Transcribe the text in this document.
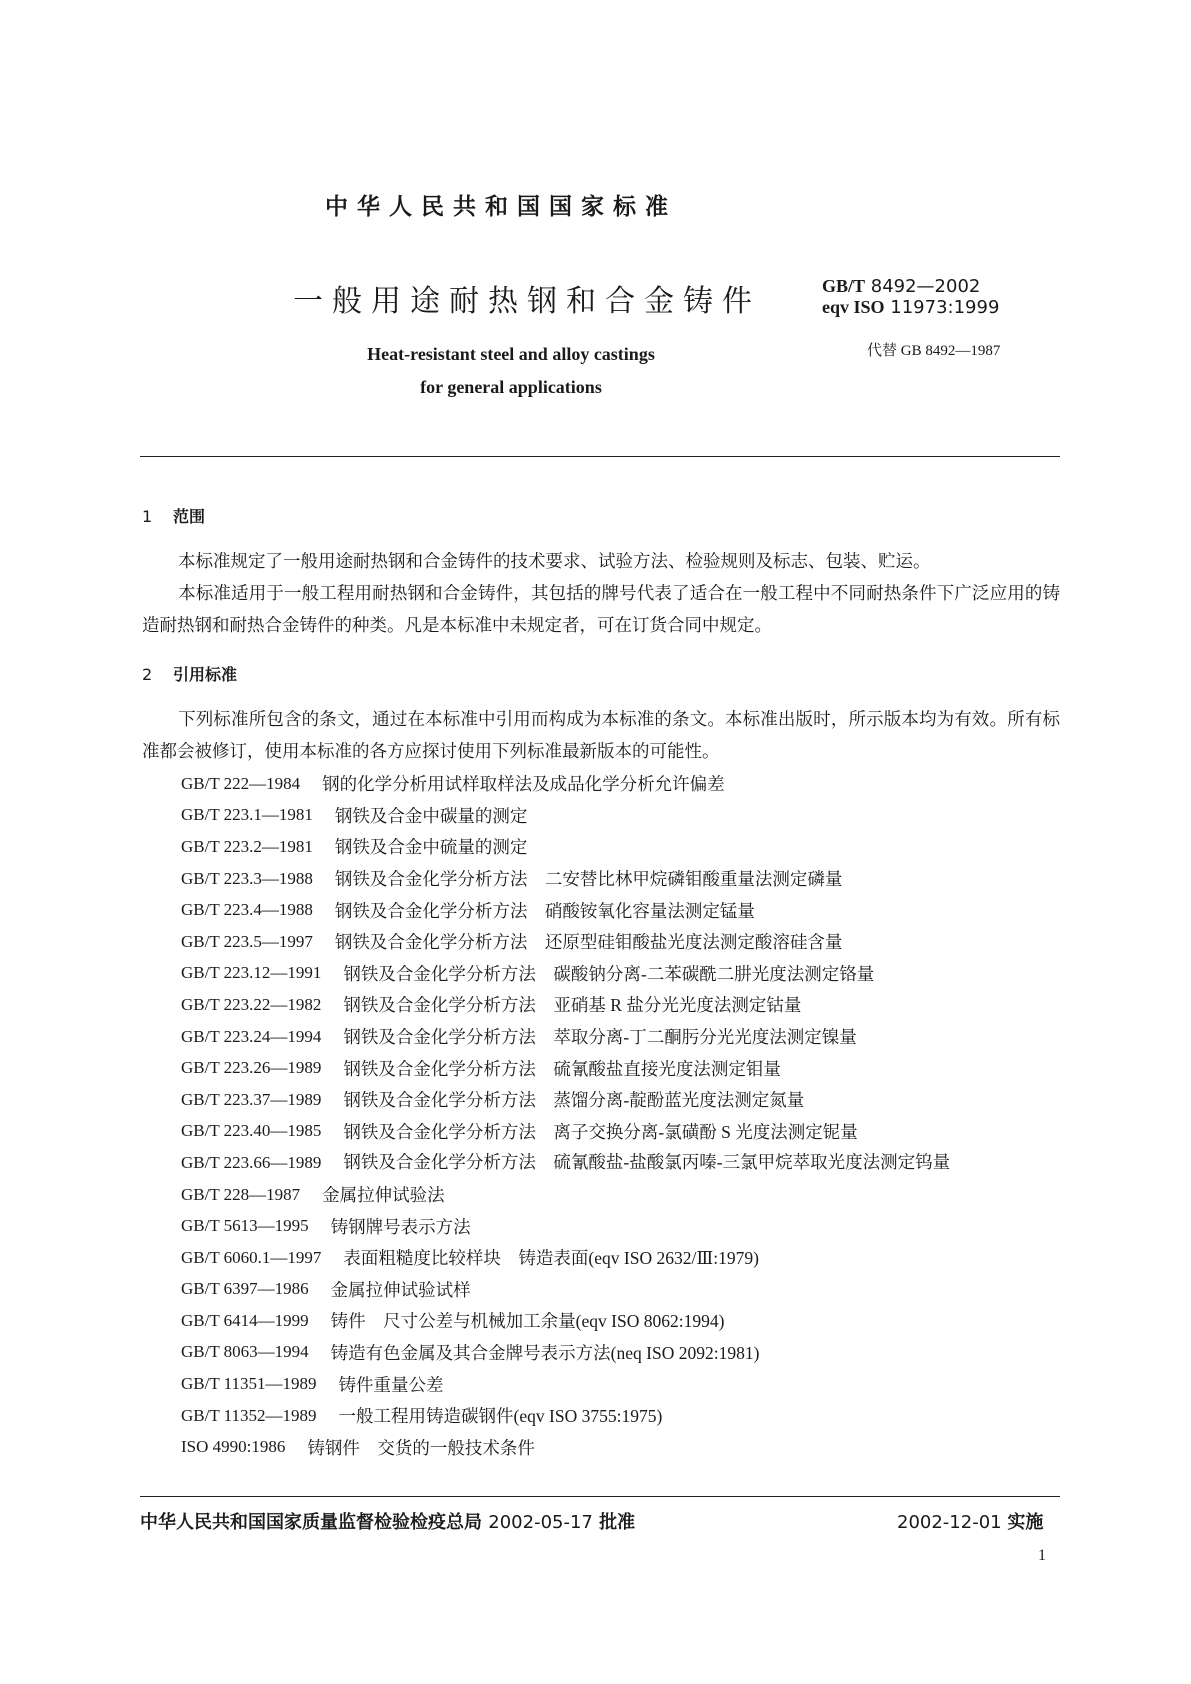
中华人民共和国国家标准
一般用途耐热钢和合金铸件
Heat-resistant steel and alloy castings
for general applications
GB/T 8492—2002
eqv ISO 11973:1999
代替 GB 8492—1987
1 范围
本标准规定了一般用途耐热钢和合金铸件的技术要求、试验方法、检验规则及标志、包装、贮运。
本标准适用于一般工程用耐热钢和合金铸件，其包括的牌号代表了适合在一般工程中不同耐热条件下广泛应用的铸造耐热钢和耐热合金铸件的种类。凡是本标准中未规定者，可在订货合同中规定。
2 引用标准
下列标准所包含的条文，通过在本标准中引用而构成为本标准的条文。本标准出版时，所示版本均为有效。所有标准都会被修订，使用本标准的各方应探讨使用下列标准最新版本的可能性。
GB/T 222—1984	钢的化学分析用试样取样法及成品化学分析允许偏差
GB/T 223.1—1981	钢铁及合金中碳量的测定
GB/T 223.2—1981	钢铁及合金中硫量的测定
GB/T 223.3—1988	钢铁及合金化学分析方法　二安替比林甲烷磷钼酸重量法测定磷量
GB/T 223.4—1988	钢铁及合金化学分析方法　硝酸铵氧化容量法测定锰量
GB/T 223.5—1997	钢铁及合金化学分析方法　还原型硅钼酸盐光度法测定酸溶硅含量
GB/T 223.12—1991	钢铁及合金化学分析方法　碳酸钠分离-二苯碳酰二肼光度法测定铬量
GB/T 223.22—1982	钢铁及合金化学分析方法　亚硝基 R 盐分光光度法测定钴量
GB/T 223.24—1994	钢铁及合金化学分析方法　萃取分离-丁二酮肟分光光度法测定镍量
GB/T 223.26—1989	钢铁及合金化学分析方法　硫氰酸盐直接光度法测定钼量
GB/T 223.37—1989	钢铁及合金化学分析方法　蒸馏分离-靛酚蓝光度法测定氮量
GB/T 223.40—1985	钢铁及合金化学分析方法　离子交换分离-氯磺酚 S 光度法测定铌量
GB/T 223.66—1989	钢铁及合金化学分析方法　硫氰酸盐-盐酸氯丙嗪-三氯甲烷萃取光度法测定钨量
GB/T 228—1987	金属拉伸试验法
GB/T 5613—1995	铸钢牌号表示方法
GB/T 6060.1—1997	表面粗糙度比较样块　铸造表面(eqv ISO 2632/Ⅲ:1979)
GB/T 6397—1986	金属拉伸试验试样
GB/T 6414—1999	铸件　尺寸公差与机械加工余量(eqv ISO 8062:1994)
GB/T 8063—1994	铸造有色金属及其合金牌号表示方法(neq ISO 2092:1981)
GB/T 11351—1989	铸件重量公差
GB/T 11352—1989	一般工程用铸造碳钢件(eqv ISO 3755:1975)
ISO 4990:1986	铸钢件　交货的一般技术条件
中华人民共和国国家质量监督检验检疫总局 2002-05-17 批准	2002-12-01 实施
1
